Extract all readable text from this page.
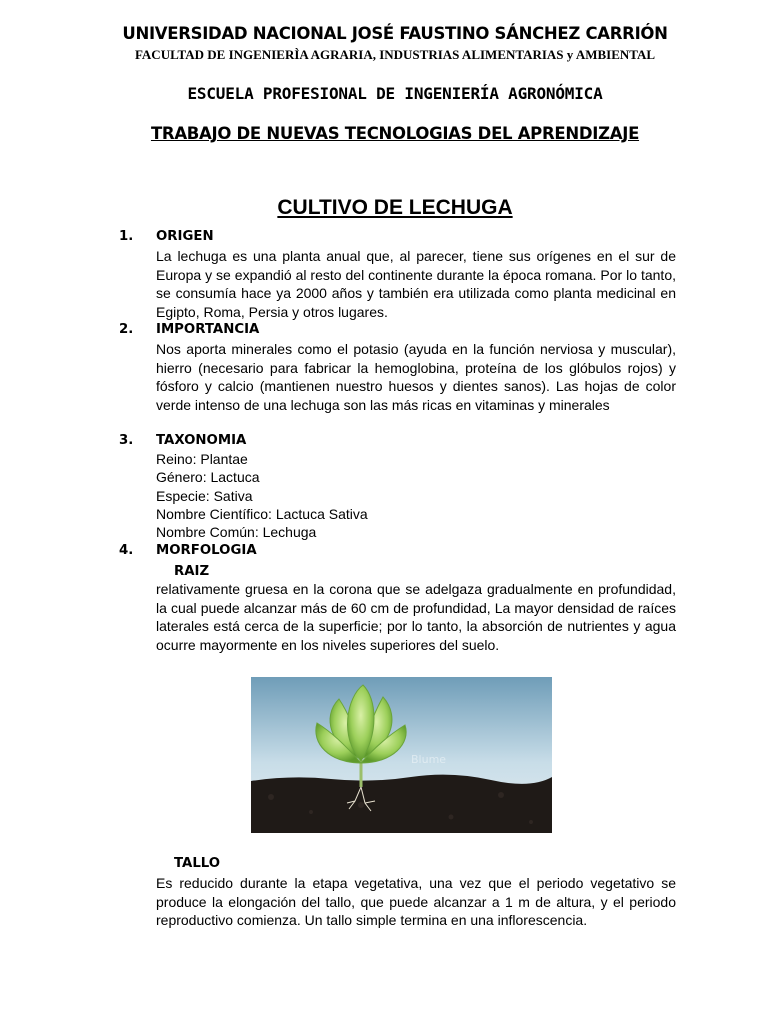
UNIVERSIDAD NACIONAL JOSÉ FAUSTINO SÁNCHEZ CARRIÓN
FACULTAD DE INGENIERÌA AGRARIA, INDUSTRIAS ALIMENTARIAS y AMBIENTAL
ESCUELA PROFESIONAL DE INGENIERÍA AGRONÓMICA
TRABAJO DE NUEVAS TECNOLOGIAS DEL APRENDIZAJE
CULTIVO DE LECHUGA
1. ORIGEN
La lechuga es una planta anual que, al parecer, tiene sus orígenes en el sur de Europa y se expandió al resto del continente durante la época romana. Por lo tanto, se consumía hace ya 2000 años y también era utilizada como planta medicinal en Egipto, Roma, Persia y otros lugares.
2. IMPORTANCIA
Nos aporta minerales como el potasio (ayuda en la función nerviosa y muscular), hierro (necesario para fabricar la hemoglobina, proteína de los glóbulos rojos) y fósforo y calcio (mantienen nuestro huesos y dientes sanos). Las hojas de color verde intenso de una lechuga son las más ricas en vitaminas y minerales
3. TAXONOMIA
Reino: Plantae
Género: Lactuca
Especie: Sativa
Nombre Científico: Lactuca Sativa
Nombre Común: Lechuga
4. MORFOLOGIA
RAIZ
relativamente gruesa en la corona que se adelgaza gradualmente en profundidad, la cual puede alcanzar más de 60 cm de profundidad, La mayor densidad de raíces laterales está cerca de la superficie; por lo tanto, la absorción de nutrientes y agua ocurre mayormente en los niveles superiores del suelo.
Blume
TALLO
Es reducido durante la etapa vegetativa, una vez que el periodo vegetativo se produce la elongación del tallo, que puede alcanzar a 1 m de altura, y el periodo reproductivo comienza. Un tallo simple termina en una inflorescencia.
